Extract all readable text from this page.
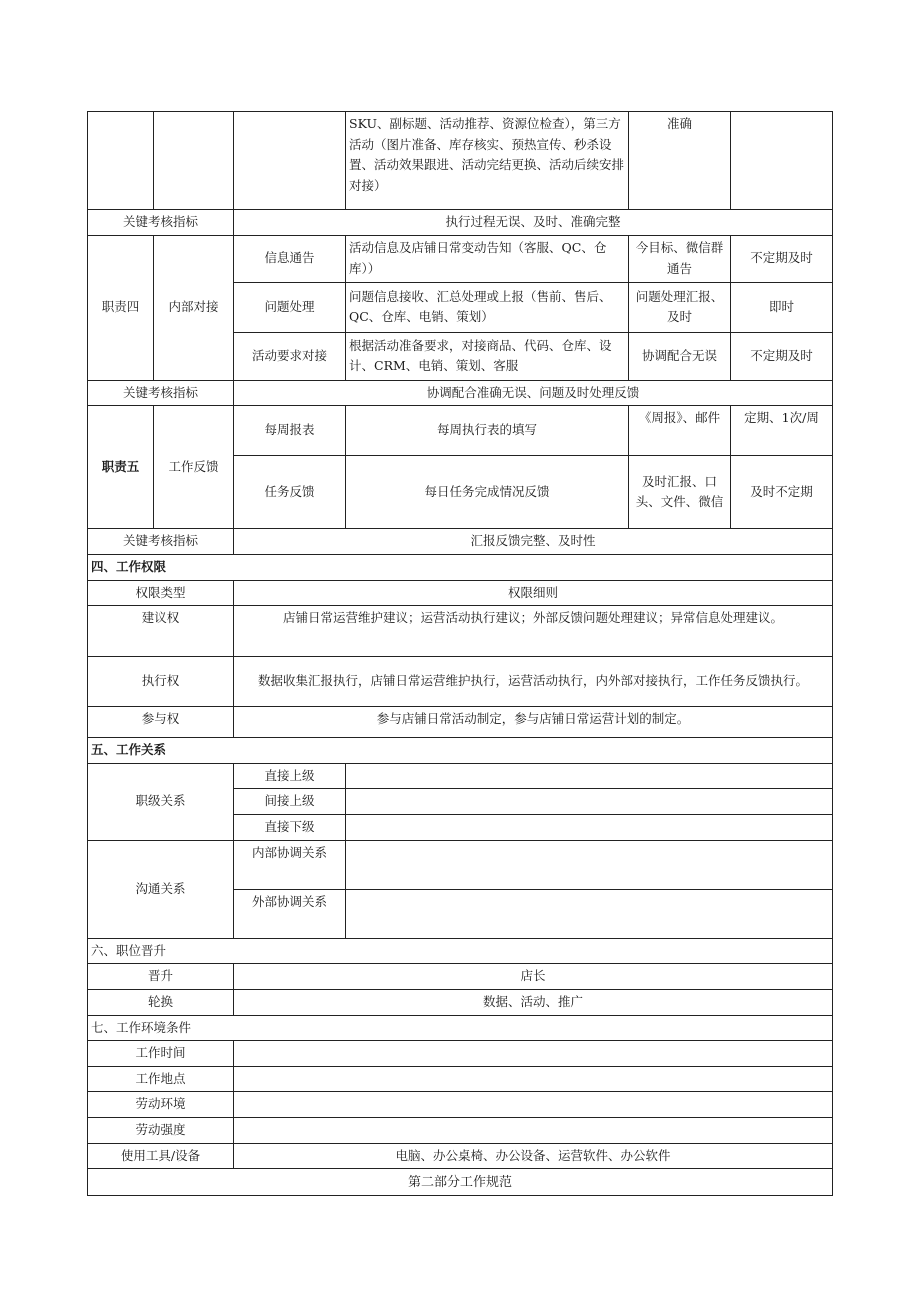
			SKU、副标题、活动推荐、资源位检查），第三方活动（图片准备、库存核实、预热宣传、秒杀设置、活动效果跟进、活动完结更换、活动后续安排对接）	准确	
关键考核指标		执行过程无误、及时、准确完整			
职责四	内部对接	信息通告	活动信息及店铺日常变动告知（客服、QC、仓库））	今目标、微信群通告	不定期及时
		问题处理	问题信息接收、汇总处理或上报（售前、售后、QC、仓库、电销、策划）	问题处理汇报、及时	即时
		活动要求对接	根据活动准备要求，对接商品、代码、仓库、设计、CRM、电销、策划、客服	协调配合无误	不定期及时
关键考核指标		协调配合准确无误、问题及时处理反馈			
职责五	工作反馈	每周报表	每周执行表的填写	《周报》、邮件	定期、1次/周
		任务反馈	每日任务完成情况反馈	及时汇报、口头、文件、微信	及时不定期
关键考核指标		汇报反馈完整、及时性			
四、工作权限					
权限类型		权限细则			
建议权		店铺日常运营维护建议；运营活动执行建议；外部反馈问题处理建议；异常信息处理建议。			
执行权		数据收集汇报执行，店铺日常运营维护执行，运营活动执行，内外部对接执行，工作任务反馈执行。			
参与权		参与店铺日常活动制定，参与店铺日常运营计划的制定。			
五、工作关系					
职级关系		直接上级			
		间接上级			
		直接下级			
沟通关系		内部协调关系			
		外部协调关系			
六、职位晋升					
晋升		店长			
轮换		数据、活动、推广			
七、工作环境条件					
工作时间					
工作地点					
劳动环境					
劳动强度					
使用工具/设备		电脑、办公桌椅、办公设备、运营软件、办公软件			
第二部分工作规范					
